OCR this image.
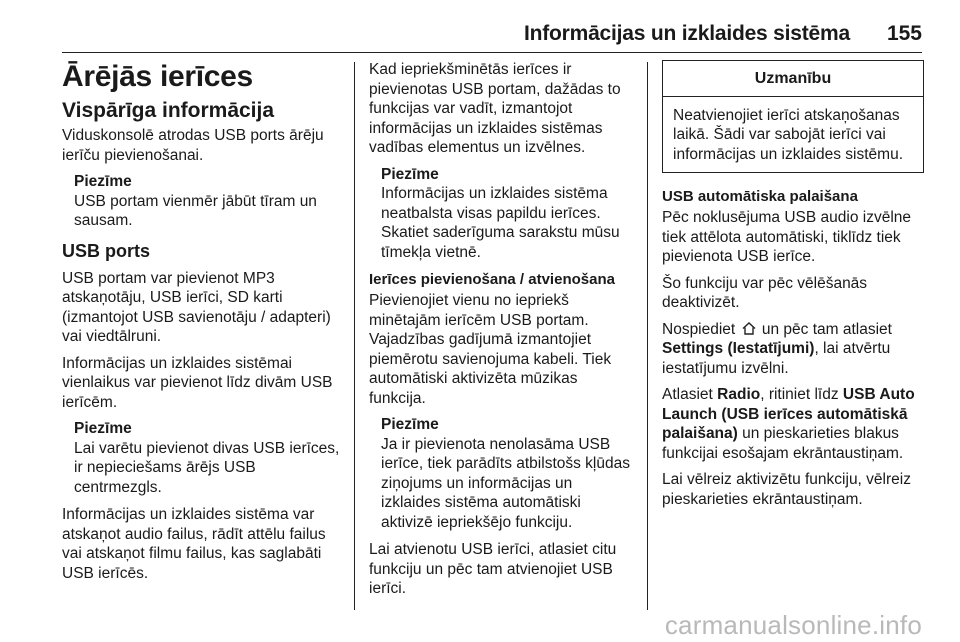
Informācijas un izklaides sistēma 155
Ārējās ierīces
Vispārīga informācija

Viduskonsolē atrodas USB ports ārēju ierīču pievienošanai.

Piezīme
USB portam vienmēr jābūt tīram un sausam.
USB ports

USB portam var pievienot MP3 atskaņotāju, USB ierīci, SD karti (izmantojot USB savienotāju / adapteri) vai viedtālruni.

Informācijas un izklaides sistēmai vienlaikus var pievienot līdz divām USB ierīcēm.

Piezīme
Lai varētu pievienot divas USB ierīces, ir nepieciešams ārējs USB centrmezgls.

Informācijas un izklaides sistēma var atskaņot audio failus, rādīt attēlu failus vai atskaņot filmu failus, kas saglabāti USB ierīcēs.

Kad iepriekšminētās ierīces ir pievienotas USB portam, dažādas to funkcijas var vadīt, izmantojot informācijas un izklaides sistēmas vadības elementus un izvēlnes.

Piezīme
Informācijas un izklaides sistēma neatbalsta visas papildu ierīces. Skatiet saderīguma sarakstu mūsu tīmekļa vietnē.
Ierīces pievienošana / atvienošana

Pievienojiet vienu no iepriekš minētajām ierīcēm USB portam. Vajadzības gadījumā izmantojiet piemērotu savienojuma kabeli. Tiek automātiski aktivizēta mūzikas funkcija.

Piezīme
Ja ir pievienota nenolasāma USB ierīce, tiek parādīts atbilstošs kļūdas ziņojums un informācijas un izklaides sistēma automātiski aktivizē iepriekšējo funkciju.

Lai atvienotu USB ierīci, atlasiet citu funkciju un pēc tam atvienojiet USB ierīci.

Uzmanību
Neatvienojiet ierīci atskaņošanas laikā. Šādi var sabojāt ierīci vai informācijas un izklaides sistēmu.
USB automātiska palaišana

Pēc noklusējuma USB audio izvēlne tiek attēlota automātiski, tiklīdz tiek pievienota USB ierīce.

Šo funkciju var pēc vēlēšanās deaktivizēt.

Nospiediet un pēc tam atlasiet Settings (Iestatījumi), lai atvērtu iestatījumu izvēlni.

Atlasiet Radio, ritiniet līdz USB Auto Launch (USB ierīces automātiskā palaišana) un pieskarieties blakus funkcijai esošajam ekrāntaustiņam.

Lai vēlreiz aktivizētu funkciju, vēlreiz pieskarieties ekrāntaustiņam.

carmanualsonline.info
